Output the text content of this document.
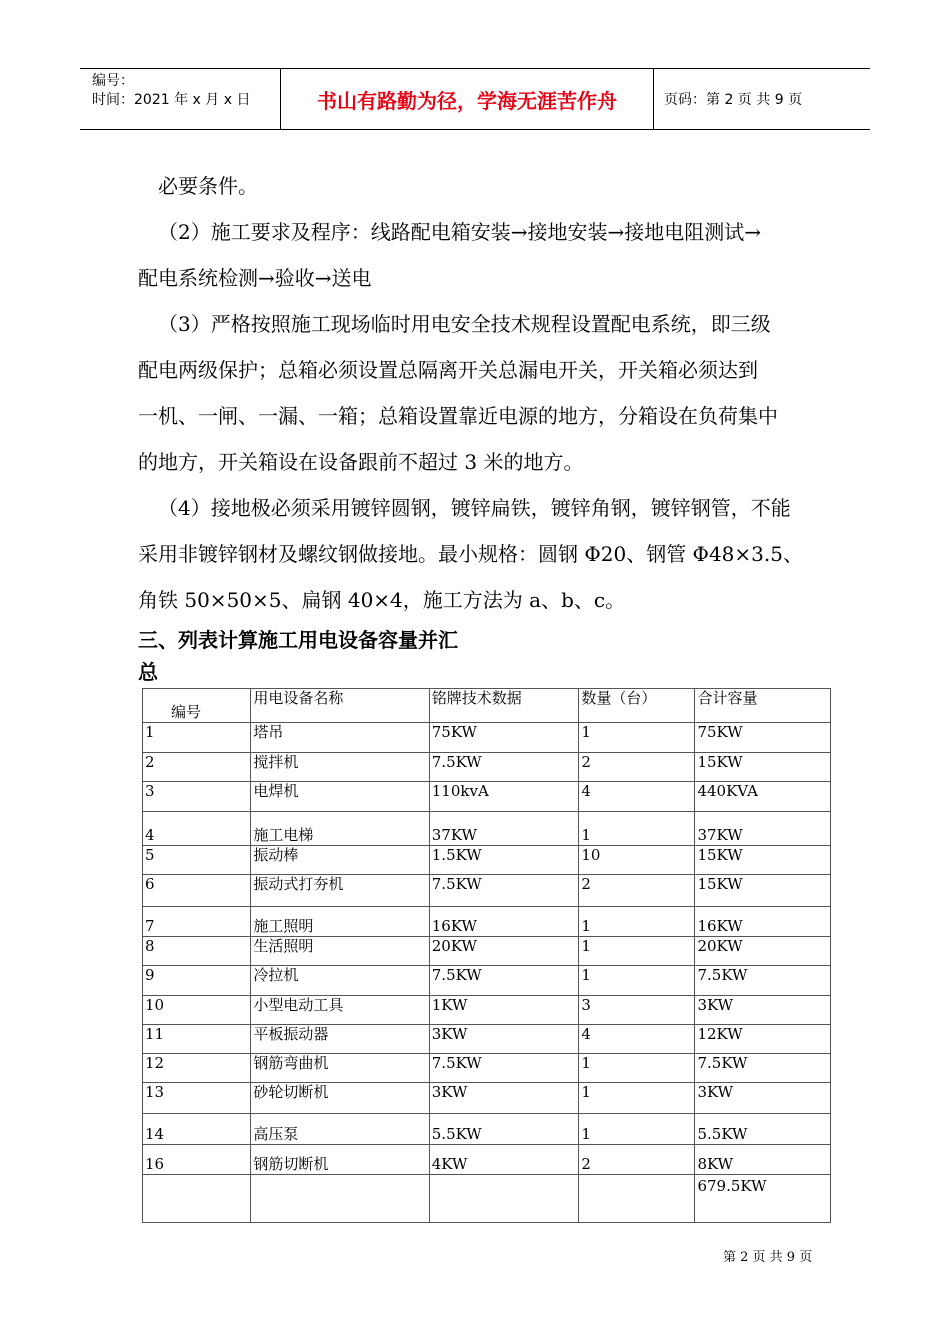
编号：
时间：2021 年 x 月 x 日	书山有路勤为径，学海无涯苦作舟	页码：第 2 页 共 9 页
必要条件。
（2）施工要求及程序：线路配电箱安装→接地安装→接地电阻测试→
配电系统检测→验收→送电
（3）严格按照施工现场临时用电安全技术规程设置配电系统，即三级
配电两级保护；总箱必须设置总隔离开关总漏电开关，开关箱必须达到
一机、一闸、一漏、一箱；总箱设置靠近电源的地方，分箱设在负荷集中
的地方，开关箱设在设备跟前不超过 3 米的地方。
（4）接地极必须采用镀锌圆钢，镀锌扁铁，镀锌角钢，镀锌钢管，不能
采用非镀锌钢材及螺纹钢做接地。最小规格：圆钢 Φ20、钢管 Φ48×3.5、
角铁 50×50×5、扁钢 40×4，施工方法为 a、b、c。
三、列表计算施工用电设备容量并汇
总
编号	用电设备名称	铭牌技术数据	数量（台）	合计容量
1	塔吊	75KW	1	75KW
2	搅拌机	7.5KW	2	15KW
3	电焊机	110kvA	4	440KVA
4	施工电梯	37KW	1	37KW
5	振动棒	1.5KW	10	15KW
6	振动式打夯机	7.5KW	2	15KW
7	施工照明	16KW	1	16KW
8	生活照明	20KW	1	20KW
9	冷拉机	7.5KW	1	7.5KW
10	小型电动工具	1KW	3	3KW
11	平板振动器	3KW	4	12KW
12	钢筋弯曲机	7.5KW	1	7.5KW
13	砂轮切断机	3KW	1	3KW
14	高压泵	5.5KW	1	5.5KW
16	钢筋切断机	4KW	2	8KW
				679.5KW
第 2 页 共 9 页
